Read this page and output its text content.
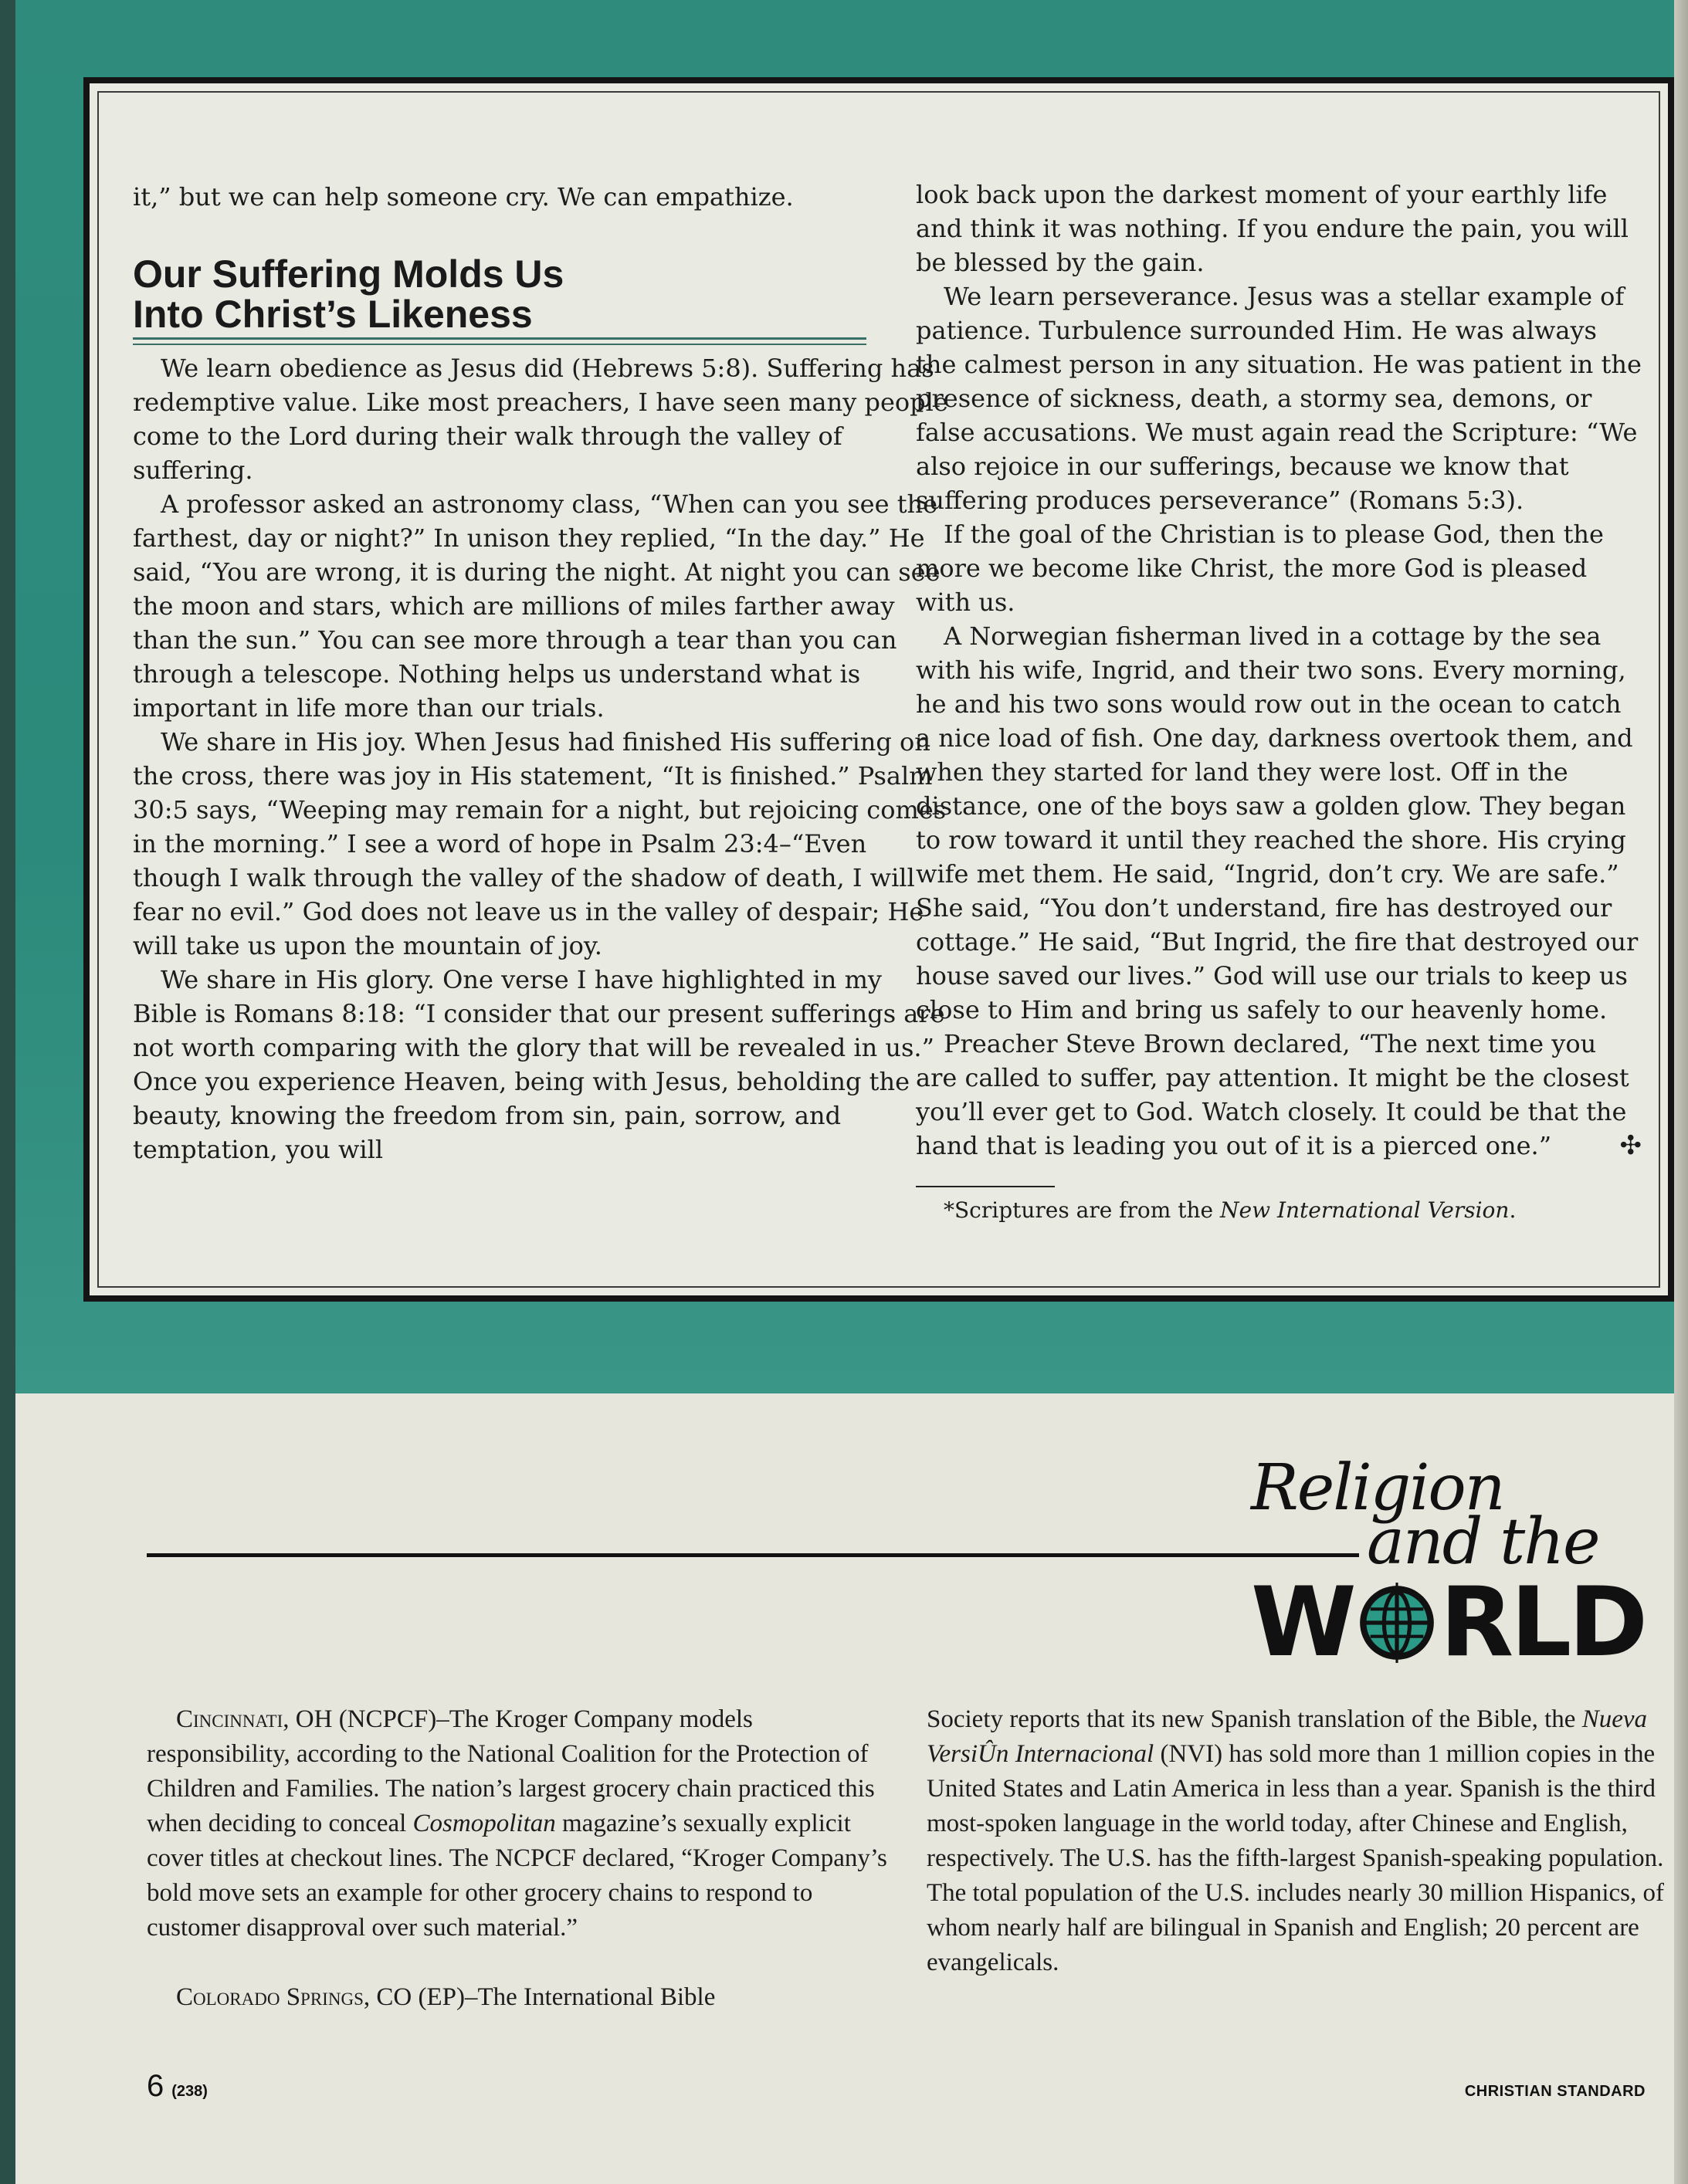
it,” but we can help someone cry. We can empathize.

Our Suffering Molds Us
Into Christ’s Likeness

We learn obedience as Jesus did (Hebrews 5:8). Suffering has redemptive value. Like most preachers, I have seen many people come to the Lord during their walk through the valley of suffering.

A professor asked an astronomy class, “When can you see the farthest, day or night?” In unison they replied, “In the day.” He said, “You are wrong, it is during the night. At night you can see the moon and stars, which are millions of miles farther away than the sun.” You can see more through a tear than you can through a telescope. Nothing helps us understand what is important in life more than our trials.

We share in His joy. When Jesus had finished His suffering on the cross, there was joy in His statement, “It is finished.” Psalm 30:5 says, “Weeping may remain for a night, but rejoicing comes in the morning.” I see a word of hope in Psalm 23:4–“Even though I walk through the valley of the shadow of death, I will fear no evil.” God does not leave us in the valley of despair; He will take us upon the mountain of joy.

We share in His glory. One verse I have highlighted in my Bible is Romans 8:18: “I consider that our present sufferings are not worth comparing with the glory that will be revealed in us.” Once you experience Heaven, being with Jesus, beholding the beauty, knowing the freedom from sin, pain, sorrow, and temptation, you will

look back upon the darkest moment of your earthly life and think it was nothing. If you endure the pain, you will be blessed by the gain.

We learn perseverance. Jesus was a stellar example of patience. Turbulence surrounded Him. He was always the calmest person in any situation. He was patient in the presence of sickness, death, a stormy sea, demons, or false accusations. We must again read the Scripture: “We also rejoice in our sufferings, because we know that suffering produces perseverance” (Romans 5:3).

If the goal of the Christian is to please God, then the more we become like Christ, the more God is pleased with us.

A Norwegian fisherman lived in a cottage by the sea with his wife, Ingrid, and their two sons. Every morning, he and his two sons would row out in the ocean to catch a nice load of fish. One day, darkness overtook them, and when they started for land they were lost. Off in the distance, one of the boys saw a golden glow. They began to row toward it until they reached the shore. His crying wife met them. He said, “Ingrid, don’t cry. We are safe.” She said, “You don’t understand, fire has destroyed our cottage.” He said, “But Ingrid, the fire that destroyed our house saved our lives.” God will use our trials to keep us close to Him and bring us safely to our heavenly home.

Preacher Steve Brown declared, “The next time you are called to suffer, pay attention. It might be the closest you’ll ever get to God. Watch closely. It could be that the hand that is leading you out of it is a pierced one.”	✣

*Scriptures are from the New International Version.

Religion
and the
W RLD

Cincinnati, OH (NCPCF)–The Kroger Company models responsibility, according to the National Coalition for the Protection of Children and Families. The nation’s largest grocery chain practiced this when deciding to conceal Cosmopolitan magazine’s sexually explicit cover titles at checkout lines. The NCPCF declared, “Kroger Company’s bold move sets an example for other grocery chains to respond to customer disapproval over such material.”

Colorado Springs, CO (EP)–The International Bible

Society reports that its new Spanish translation of the Bible, the Nueva VersiÛn Internacional (NVI) has sold more than 1 million copies in the United States and Latin America in less than a year. Spanish is the third most-spoken language in the world today, after Chinese and English, respectively. The U.S. has the fifth-largest Spanish-speaking population. The total population of the U.S. includes nearly 30 million Hispanics, of whom nearly half are bilingual in Spanish and English; 20 percent are evangelicals.

6 (238)	CHRISTIAN STANDARD
